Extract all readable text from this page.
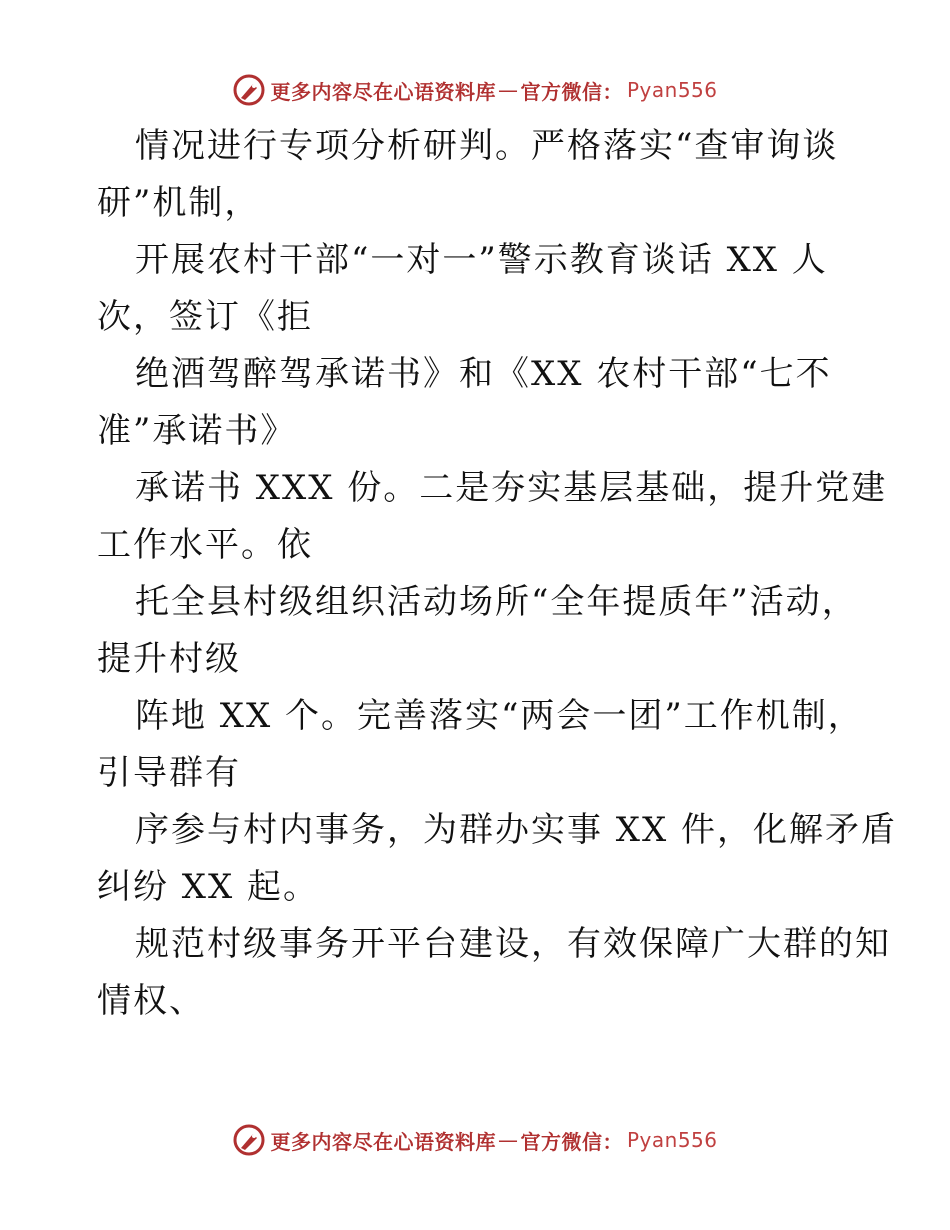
更多内容尽在心语资料库 — 官方微信： Pyan556
情况进行专项分析研判。严格落实“查审询谈
研”机制，
开展农村干部“一对一”警示教育谈话 XX 人
次，签订《拒
绝酒驾醉驾承诺书》和《XX 农村干部“七不
准”承诺书》
承诺书 XXX 份。二是夯实基层基础，提升党建
工作水平。依
托全县村级组织活动场所“全年提质年”活动，
提升村级
阵地 XX 个。完善落实“两会一团”工作机制，
引导群有
序参与村内事务，为群办实事 XX 件，化解矛盾
纠纷 XX 起。
规范村级事务开平台建设，有效保障广大群的知
情权、
更多内容尽在心语资料库 — 官方微信： Pyan556
